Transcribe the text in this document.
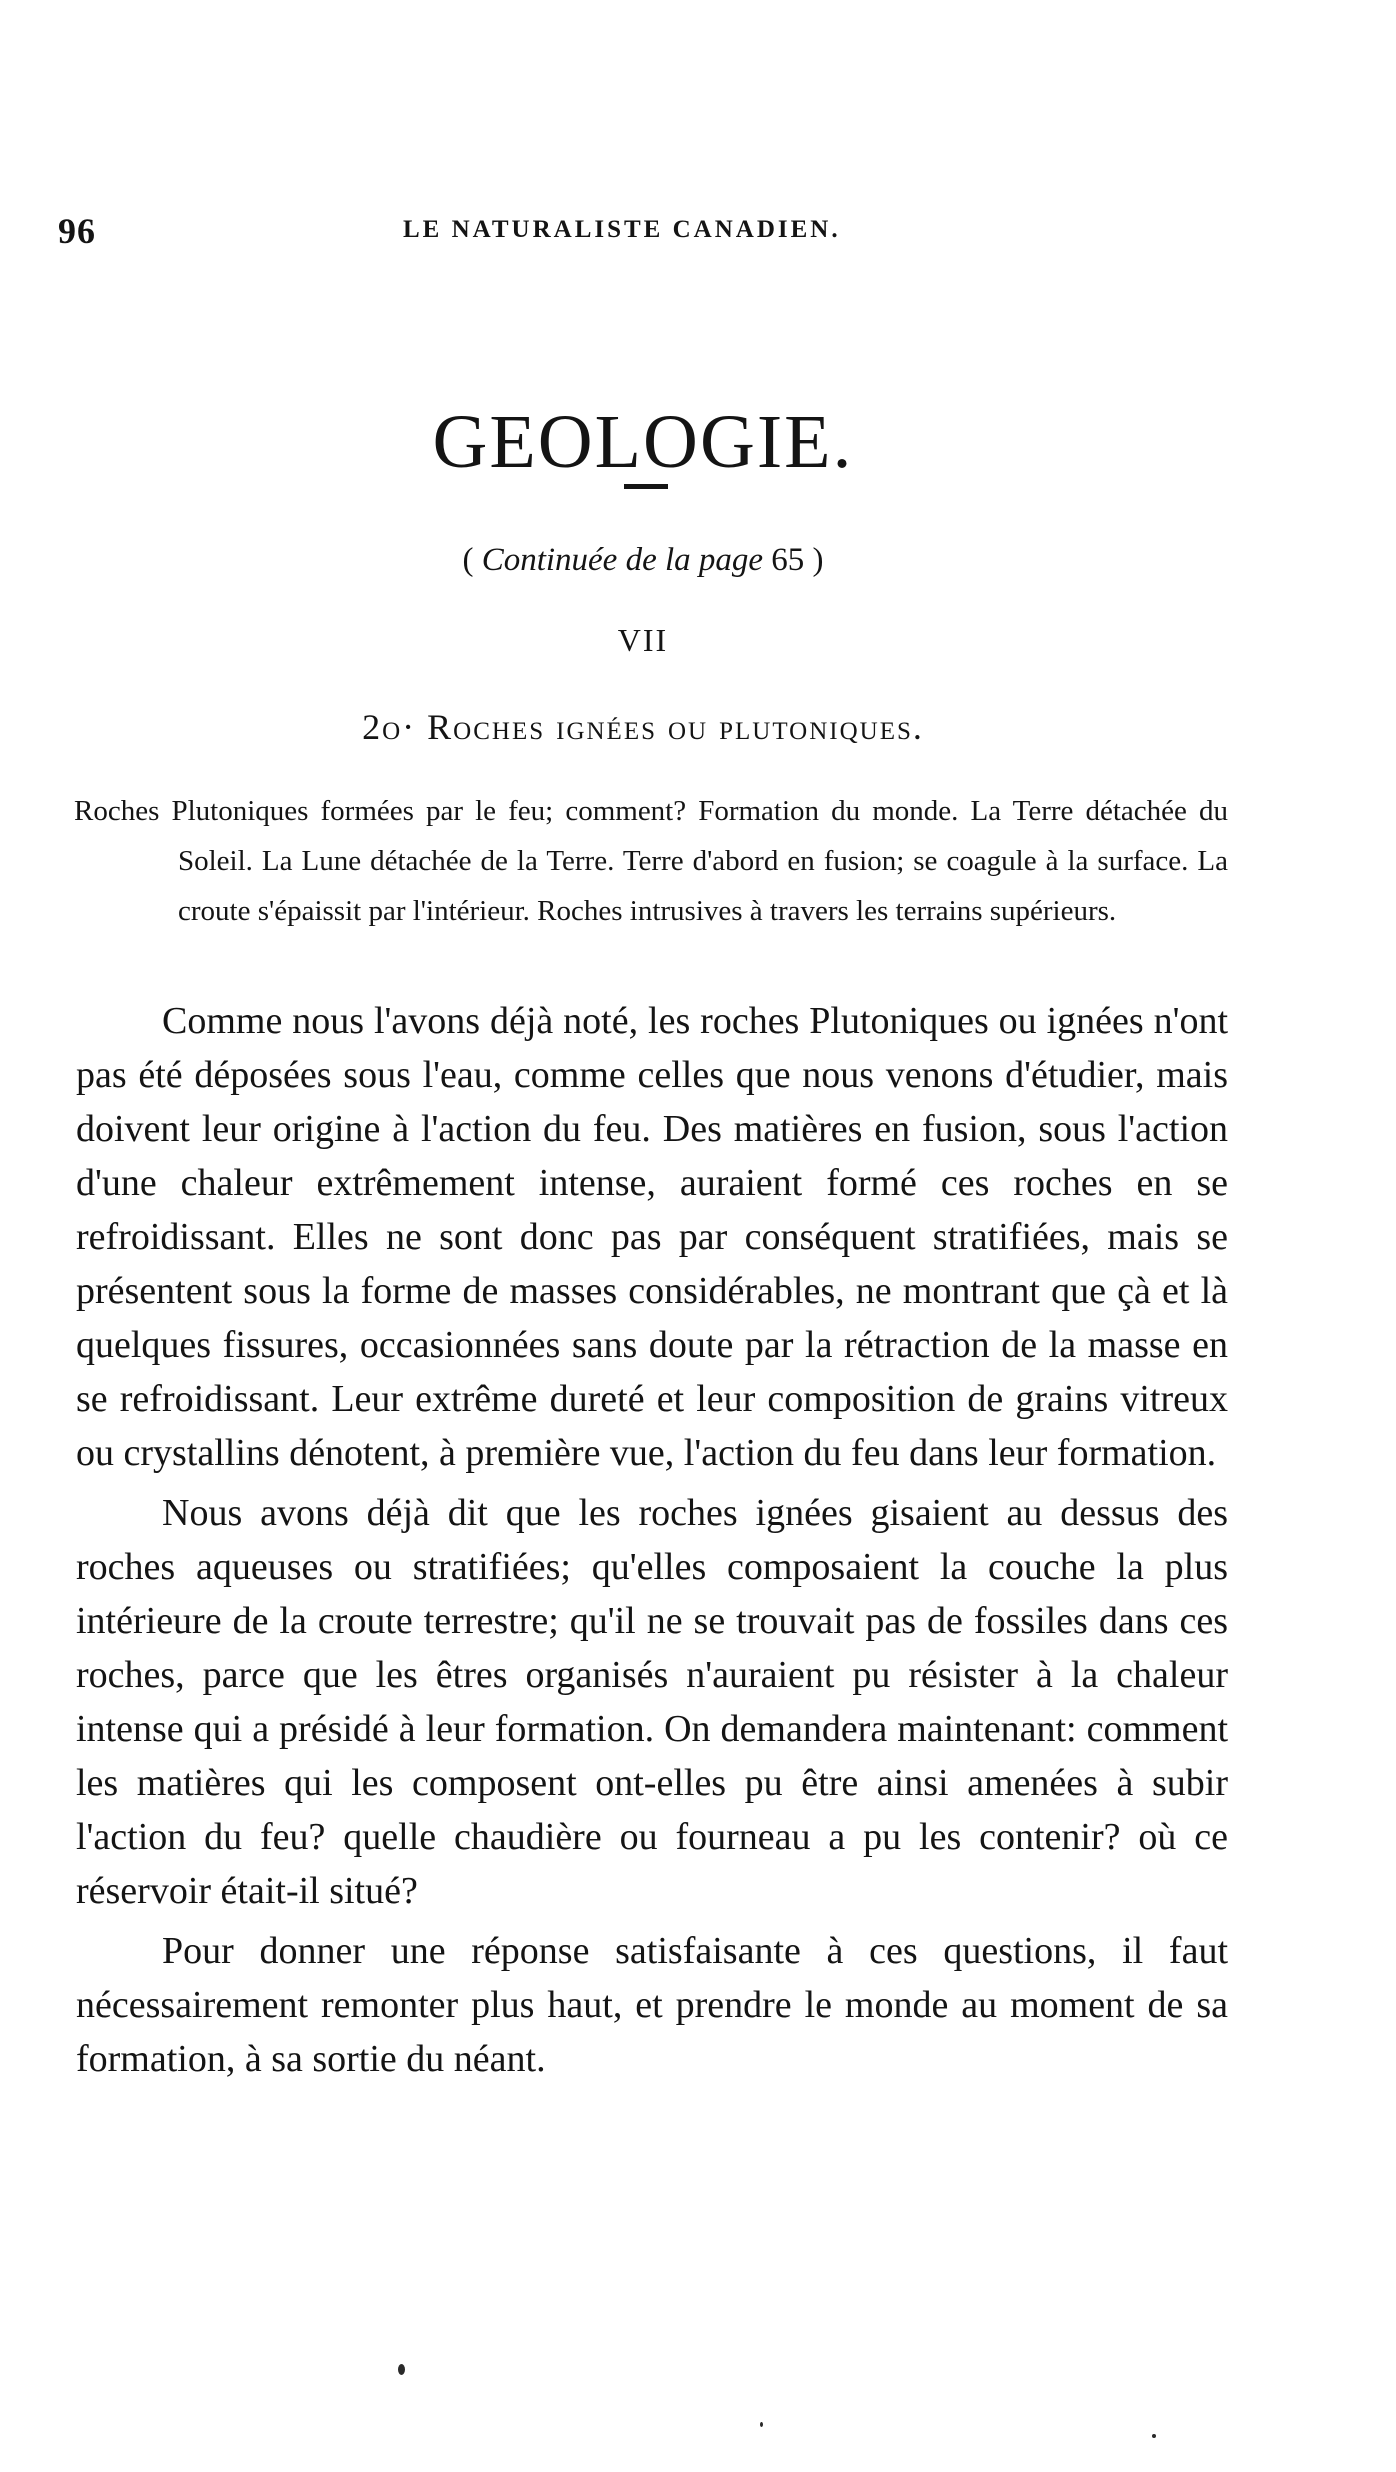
96	LE NATURALISTE CANADIEN.
GEOLOGIE.
( Continuée de la page 65 )
VII
2o· Roches ignées ou plutoniques.
Roches Plutoniques formées par le feu; comment? Formation du monde. La Terre détachée du Soleil. La Lune détachée de la Terre. Terre d'abord en fusion; se coagule à la surface. La croute s'épaissit par l'intérieur. Roches intrusives à travers les terrains supérieurs.

Comme nous l'avons déjà noté, les roches Plutoniques ou ignées n'ont pas été déposées sous l'eau, comme celles que nous venons d'étudier, mais doivent leur origine à l'action du feu. Des matières en fusion, sous l'action d'une chaleur extrêmement intense, auraient formé ces roches en se refroidissant. Elles ne sont donc pas par conséquent stratifiées, mais se présentent sous la forme de masses considérables, ne montrant que çà et là quelques fissures, occasionnées sans doute par la rétraction de la masse en se refroidissant. Leur extrême dureté et leur composition de grains vitreux ou crystallins dénotent, à première vue, l'action du feu dans leur formation.

Nous avons déjà dit que les roches ignées gisaient au dessus des roches aqueuses ou stratifiées; qu'elles composaient la couche la plus intérieure de la croute terrestre; qu'il ne se trouvait pas de fossiles dans ces roches, parce que les êtres organisés n'auraient pu résister à la chaleur intense qui a présidé à leur formation. On demandera maintenant: comment les matières qui les composent ont-elles pu être ainsi amenées à subir l'action du feu? quelle chaudière ou fourneau a pu les contenir? où ce réservoir était-il situé?

Pour donner une réponse satisfaisante à ces questions, il faut nécessairement remonter plus haut, et prendre le monde au moment de sa formation, à sa sortie du néant.
